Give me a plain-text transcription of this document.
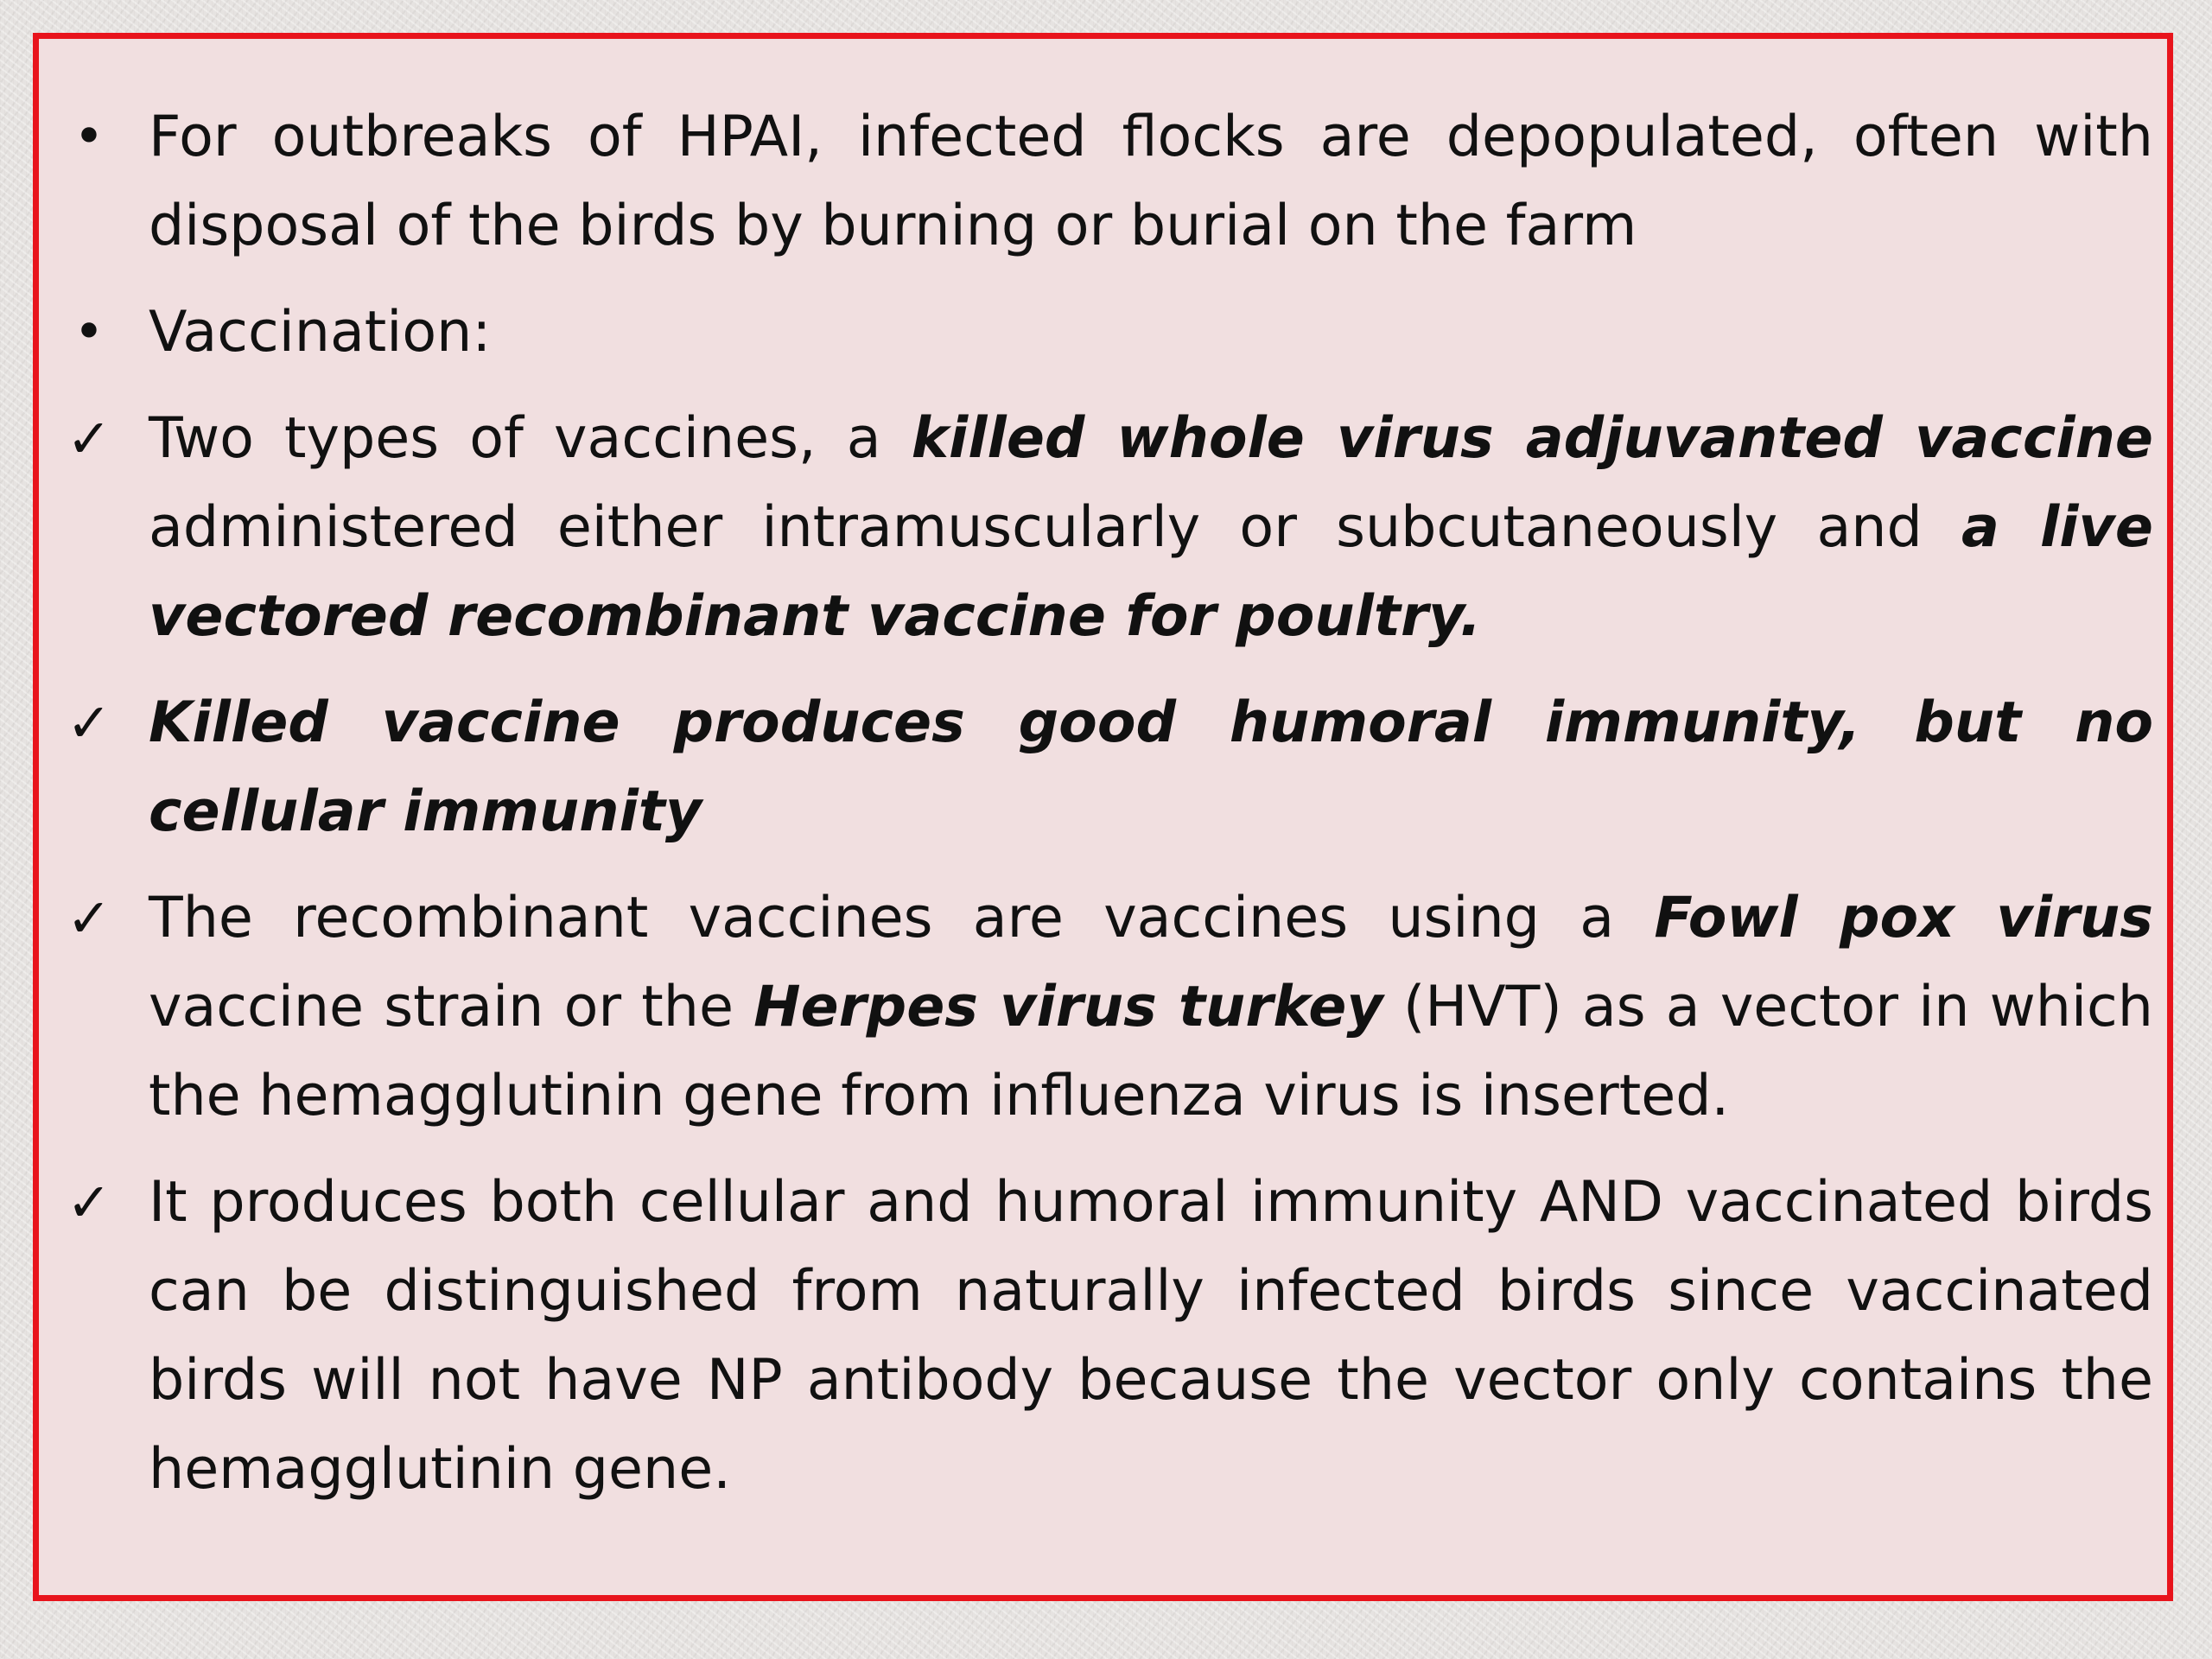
• For outbreaks of HPAI, infected flocks are depopulated, often with disposal of the birds by burning or burial on the farm
• Vaccination:
✓ Two types of vaccines, a killed whole virus adjuvanted vaccine administered either intramuscularly or subcutaneously and a live vectored recombinant vaccine for poultry.
✓ Killed vaccine produces good humoral immunity, but no cellular immunity
✓ The recombinant vaccines are vaccines using a Fowl pox virus vaccine strain or the Herpes virus turkey (HVT) as a vector in which the hemagglutinin gene from influenza virus is inserted.
✓ It produces both cellular and humoral immunity AND vaccinated birds can be distinguished from naturally infected birds since vaccinated birds will not have NP antibody because the vector only contains the hemagglutinin gene.
